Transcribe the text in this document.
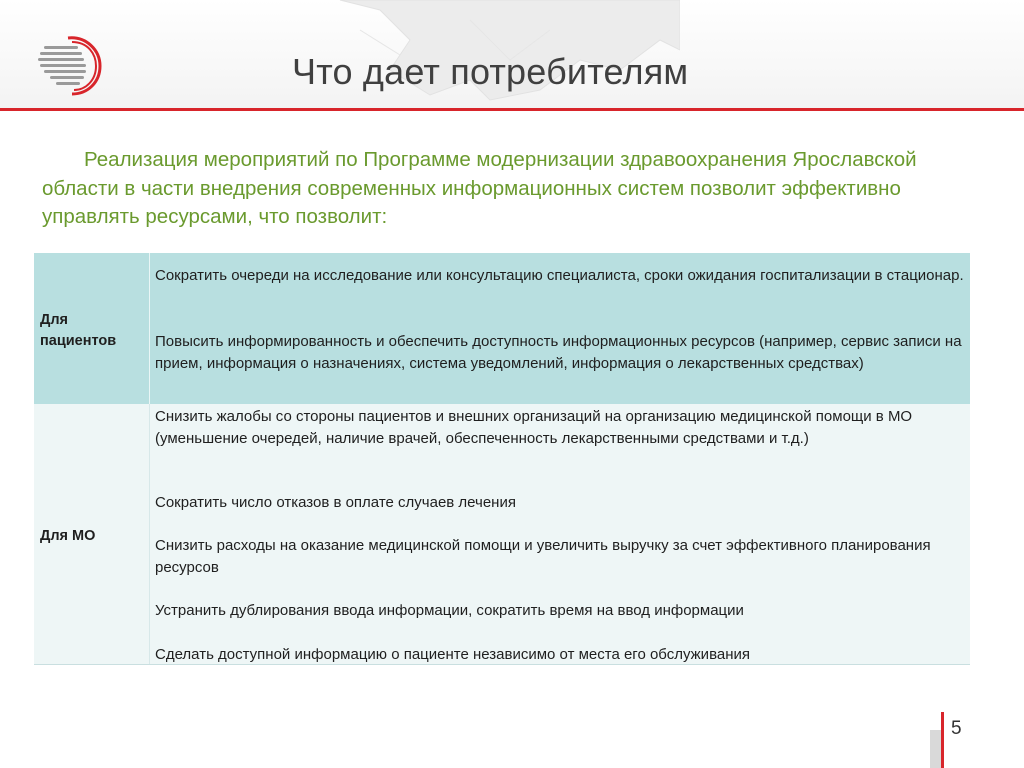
Что дает потребителям
Реализация мероприятий по Программе модернизации здравоохранения Ярославской области в части внедрения современных информационных систем позволит эффективно управлять ресурсами, что позволит:
Для пациентов
Сократить очереди на исследование или консультацию специалиста, сроки ожидания госпитализации в стационар.
Повысить информированность и обеспечить доступность информационных ресурсов (например, сервис записи на прием, информация о назначениях, система уведомлений, информация о лекарственных средствах)
Для МО
Снизить жалобы со стороны пациентов и внешних организаций на организацию медицинской помощи в МО (уменьшение очередей, наличие врачей, обеспеченность лекарственными средствами и т.д.)
Сократить число отказов в оплате случаев лечения
Снизить расходы на оказание медицинской помощи и увеличить выручку за счет эффективного планирования ресурсов
Устранить дублирования ввода информации, сократить время на ввод информации
Сделать доступной информацию о пациенте независимо от места его обслуживания
5
